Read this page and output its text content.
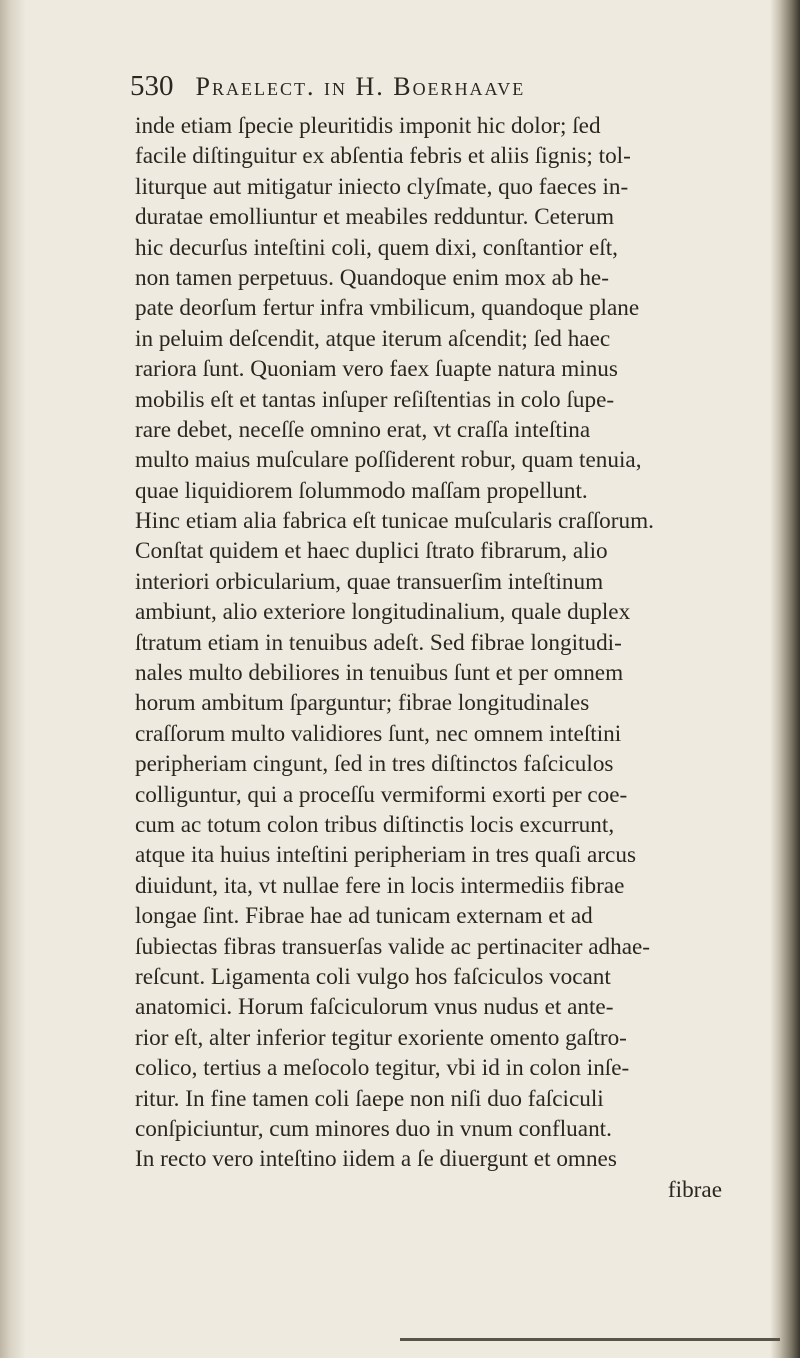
530 Praelect. in H. Boerhaave
inde etiam ſpecie pleuritidis imponit hic dolor; ſed
facile diſtinguitur ex abſentia febris et aliis ſignis; tol-
liturque aut mitigatur iniecto clyſmate, quo faeces in-
duratae emolliuntur et meabiles redduntur. Ceterum
hic decurſus inteſtini coli, quem dixi, conſtantior eſt,
non tamen perpetuus. Quandoque enim mox ab he-
pate deorſum fertur infra vmbilicum, quandoque plane
in peluim deſcendit, atque iterum aſcendit; ſed haec
rariora ſunt. Quoniam vero faex ſuapte natura minus
mobilis eſt et tantas inſuper reſiſtentias in colo ſupe-
rare debet, neceſſe omnino erat, vt craſſa inteſtina
multo maius muſculare poſſiderent robur, quam tenuia,
quae liquidiorem ſolummodo maſſam propellunt.
Hinc etiam alia fabrica eſt tunicae muſcularis craſſorum.
Conſtat quidem et haec duplici ſtrato fibrarum, alio
interiori orbicularium, quae transuerſim inteſtinum
ambiunt, alio exteriore longitudinalium, quale duplex
ſtratum etiam in tenuibus adeſt. Sed fibrae longitudi-
nales multo debiliores in tenuibus ſunt et per omnem
horum ambitum ſparguntur; fibrae longitudinales
craſſorum multo validiores ſunt, nec omnem inteſtini
peripheriam cingunt, ſed in tres diſtinctos faſciculos
colliguntur, qui a proceſſu vermiformi exorti per coe-
cum ac totum colon tribus diſtinctis locis excurrunt,
atque ita huius inteſtini peripheriam in tres quaſi arcus
diuidunt, ita, vt nullae fere in locis intermediis fibrae
longae ſint. Fibrae hae ad tunicam externam et ad
ſubiectas fibras transuerſas valide ac pertinaciter adhae-
reſcunt. Ligamenta coli vulgo hos faſciculos vocant
anatomici. Horum faſciculorum vnus nudus et ante-
rior eſt, alter inferior tegitur exoriente omento gaſtro-
colico, tertius a meſocolo tegitur, vbi id in colon inſe-
ritur. In fine tamen coli ſaepe non niſi duo faſciculi
conſpiciuntur, cum minores duo in vnum confluant.
In recto vero inteſtino iidem a ſe diuergunt et omnes
fibrae
